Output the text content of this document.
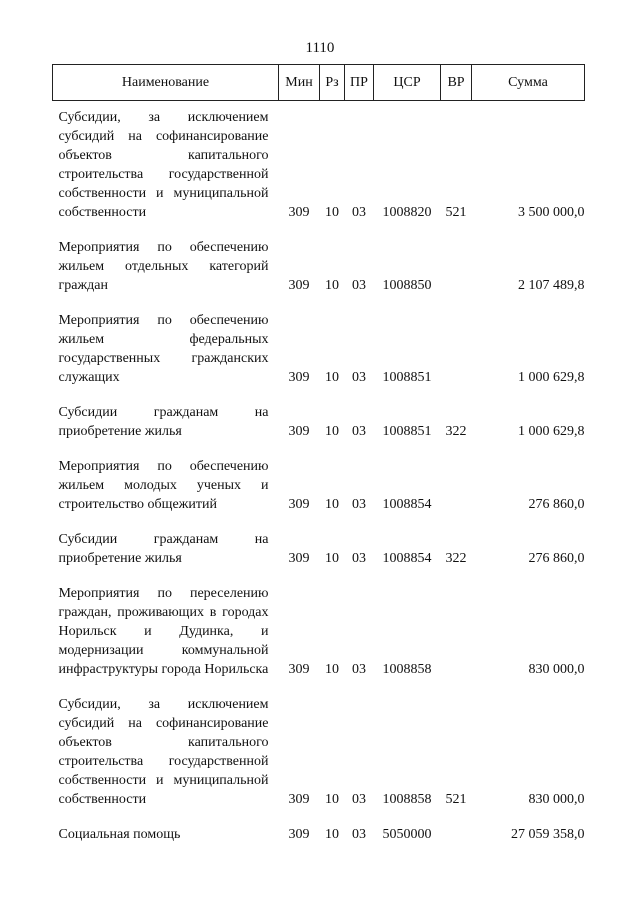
1110
Наименование	Мин	Рз	ПР	ЦСР	ВР	Сумма
Субсидии, за исключением субсидий на софинансирование объектов капитального строительства государственной собственности и муниципальной собственности	309	10	03	1008820	521	3 500 000,0
Мероприятия по обеспечению жильем отдельных категорий граждан	309	10	03	1008850		2 107 489,8
Мероприятия по обеспечению жильем федеральных государственных гражданских служащих	309	10	03	1008851		1 000 629,8
Субсидии гражданам на приобретение жилья	309	10	03	1008851	322	1 000 629,8
Мероприятия по обеспечению жильем молодых ученых и строительство общежитий	309	10	03	1008854		276 860,0
Субсидии гражданам на приобретение жилья	309	10	03	1008854	322	276 860,0
Мероприятия по переселению граждан, проживающих в городах Норильск и Дудинка, и модернизации коммунальной инфраструктуры города Норильска	309	10	03	1008858		830 000,0
Субсидии, за исключением субсидий на софинансирование объектов капитального строительства государственной собственности и муниципальной собственности	309	10	03	1008858	521	830 000,0
Социальная помощь	309	10	03	5050000		27 059 358,0
